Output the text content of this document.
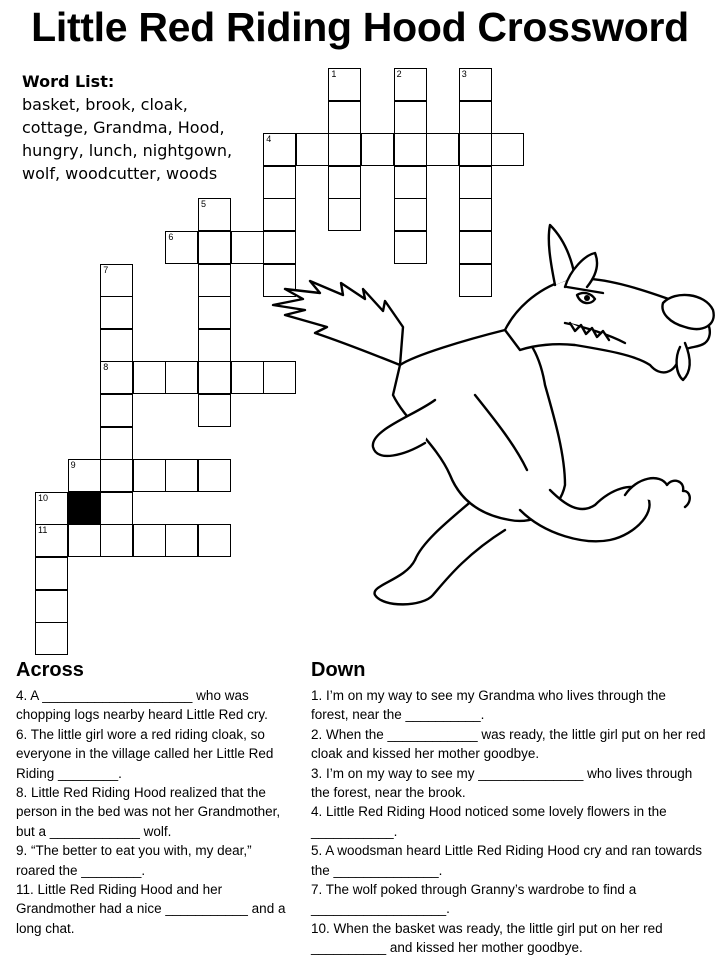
Little Red Riding Hood Crossword
Word List:
basket, brook, cloak,
cottage, Grandma, Hood,
hungry, lunch, nightgown,
wolf, woodcutter, woods
1	2	3
4
5
6
7
8
9
10
11
Across

4. A ____________________ who was chopping logs nearby heard Little Red cry.

6. The little girl wore a red riding cloak, so everyone in the village called her Little Red Riding ________.

8. Little Red Riding Hood realized that the person in the bed was not her Grandmother, but a ____________ wolf.

9. “The better to eat you with, my dear,” roared the ________.

11. Little Red Riding Hood and her Grandmother had a nice ___________ and a long chat.

Down

1. I’m on my way to see my Grandma who lives through the forest, near the __________.

2. When the ____________ was ready, the little girl put on her red cloak and kissed her mother goodbye.

3. I’m on my way to see my ______________ who lives through the forest, near the brook.

4. Little Red Riding Hood noticed some lovely flowers in the ___________.

5. A woodsman heard Little Red Riding Hood cry and ran towards the ______________.

7. The wolf poked through Granny’s wardrobe to find a __________________.

10. When the basket was ready, the little girl put on her red __________ and kissed her mother goodbye.
